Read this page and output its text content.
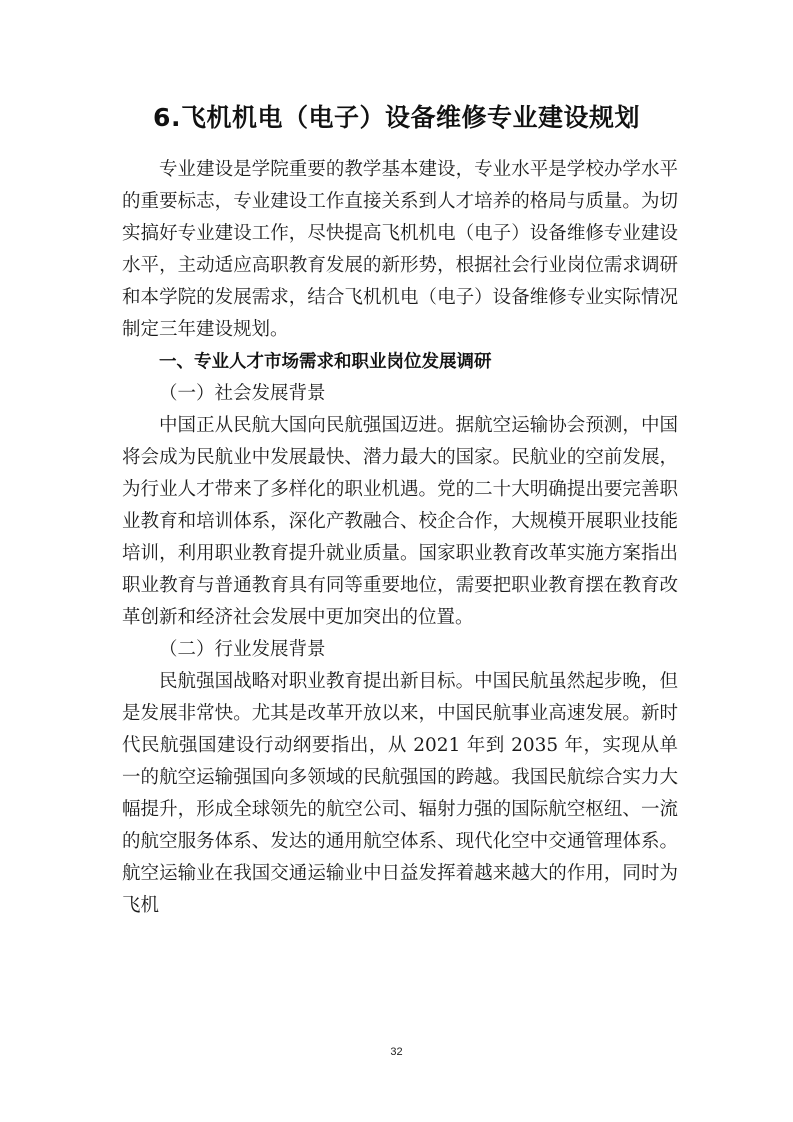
6.飞机机电（电子）设备维修专业建设规划

专业建设是学院重要的教学基本建设，专业水平是学校办学水平的重要标志，专业建设工作直接关系到人才培养的格局与质量。为切实搞好专业建设工作，尽快提高飞机机电（电子）设备维修专业建设水平，主动适应高职教育发展的新形势，根据社会行业岗位需求调研和本学院的发展需求，结合飞机机电（电子）设备维修专业实际情况制定三年建设规划。

一、专业人才市场需求和职业岗位发展调研

（一）社会发展背景

中国正从民航大国向民航强国迈进。据航空运输协会预测，中国将会成为民航业中发展最快、潜力最大的国家。民航业的空前发展，为行业人才带来了多样化的职业机遇。党的二十大明确提出要完善职业教育和培训体系，深化产教融合、校企合作，大规模开展职业技能培训，利用职业教育提升就业质量。国家职业教育改革实施方案指出职业教育与普通教育具有同等重要地位，需要把职业教育摆在教育改革创新和经济社会发展中更加突出的位置。

（二）行业发展背景

民航强国战略对职业教育提出新目标。中国民航虽然起步晚，但是发展非常快。尤其是改革开放以来，中国民航事业高速发展。新时代民航强国建设行动纲要指出，从 2021 年到 2035 年，实现从单一的航空运输强国向多领域的民航强国的跨越。我国民航综合实力大幅提升，形成全球领先的航空公司、辐射力强的国际航空枢纽、一流的航空服务体系、发达的通用航空体系、现代化空中交通管理体系。航空运输业在我国交通运输业中日益发挥着越来越大的作用，同时为飞机

32
